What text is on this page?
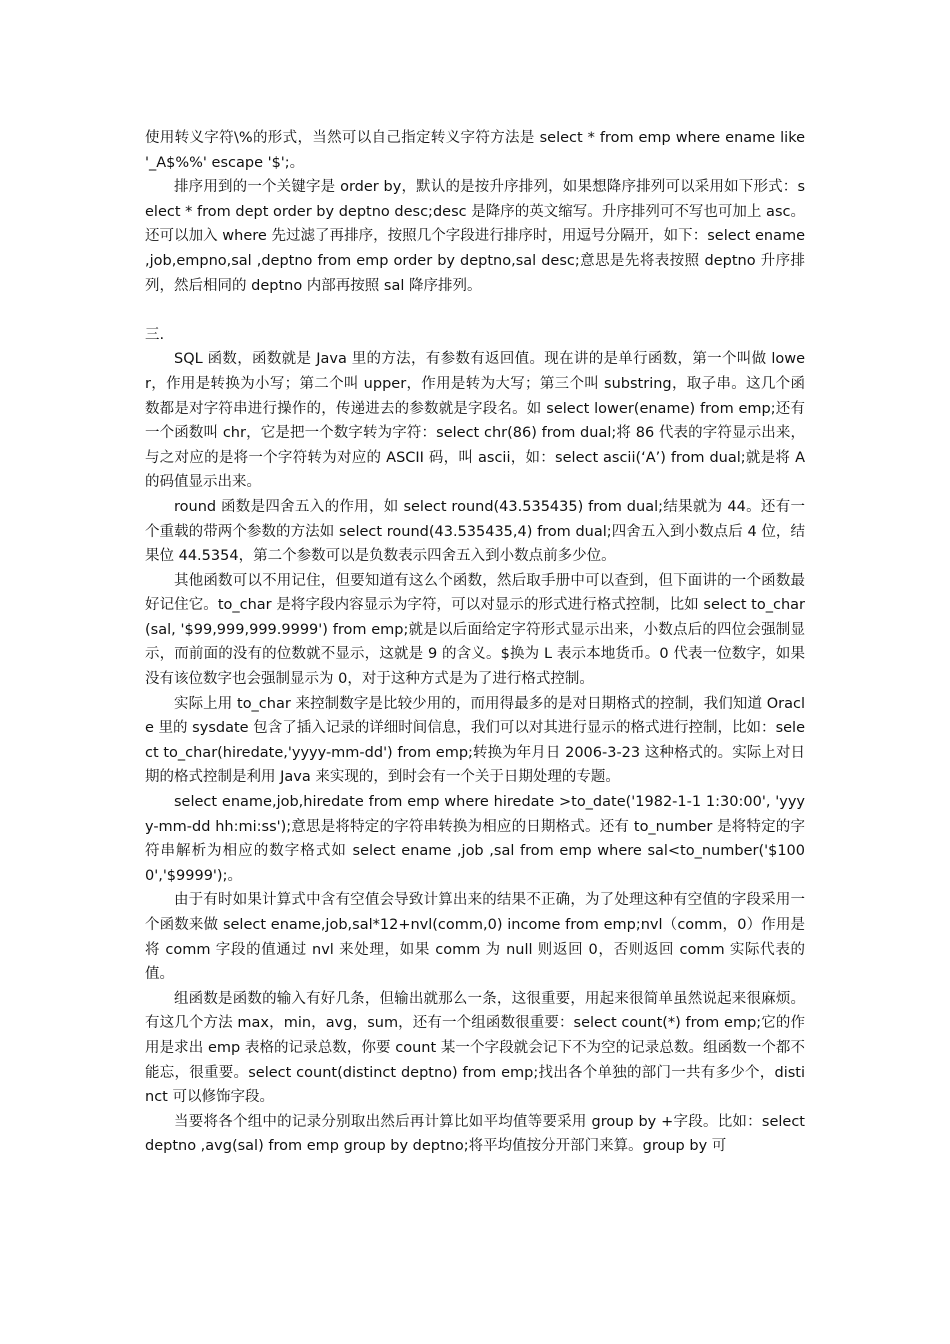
使用转义字符\%的形式，当然可以自己指定转义字符方法是 select * from emp where ename like '_A$%%' escape '$';。

排序用到的一个关键字是 order by，默认的是按升序排列，如果想降序排列可以采用如下形式：select * from dept order by deptno desc;desc 是降序的英文缩写。升序排列可不写也可加上 asc。还可以加入 where 先过滤了再排序，按照几个字段进行排序时，用逗号分隔开，如下：select ename ,job,empno,sal ,deptno from emp order by deptno,sal desc;意思是先将表按照 deptno 升序排列，然后相同的 deptno 内部再按照 sal 降序排列。

三.

SQL 函数，函数就是 Java 里的方法，有参数有返回值。现在讲的是单行函数，第一个叫做 lower，作用是转换为小写；第二个叫 upper，作用是转为大写；第三个叫 substring，取子串。这几个函数都是对字符串进行操作的，传递进去的参数就是字段名。如 select lower(ename) from emp;还有一个函数叫 chr，它是把一个数字转为字符：select chr(86) from dual;将 86 代表的字符显示出来，与之对应的是将一个字符转为对应的 ASCII 码，叫 ascii，如：select ascii(‘A’) from dual;就是将 A 的码值显示出来。

round 函数是四舍五入的作用，如 select round(43.535435) from dual;结果就为 44。还有一个重载的带两个参数的方法如 select round(43.535435,4) from dual;四舍五入到小数点后 4 位，结果位 44.5354，第二个参数可以是负数表示四舍五入到小数点前多少位。

其他函数可以不用记住，但要知道有这么个函数，然后取手册中可以查到，但下面讲的一个函数最好记住它。to_char 是将字段内容显示为字符，可以对显示的形式进行格式控制，比如 select to_char(sal, '$99,999,999.9999') from emp;就是以后面给定字符形式显示出来，小数点后的四位会强制显示，而前面的没有的位数就不显示，这就是 9 的含义。$换为 L 表示本地货币。0 代表一位数字，如果没有该位数字也会强制显示为 0，对于这种方式是为了进行格式控制。

实际上用 to_char 来控制数字是比较少用的，而用得最多的是对日期格式的控制，我们知道 Oracle 里的 sysdate 包含了插入记录的详细时间信息，我们可以对其进行显示的格式进行控制，比如：select to_char(hiredate,'yyyy-mm-dd') from emp;转换为年月日 2006-3-23 这种格式的。实际上对日期的格式控制是利用 Java 来实现的，到时会有一个关于日期处理的专题。

select ename,job,hiredate from emp where hiredate >to_date('1982-1-1 1:30:00', 'yyyy-mm-dd hh:mi:ss');意思是将特定的字符串转换为相应的日期格式。还有 to_number 是将特定的字符串解析为相应的数字格式如 select ename ,job ,sal from emp where sal<to_number('$1000','$9999');。

由于有时如果计算式中含有空值会导致计算出来的结果不正确，为了处理这种有空值的字段采用一个函数来做 select ename,job,sal*12+nvl(comm,0) income from emp;nvl（comm，0）作用是将 comm 字段的值通过 nvl 来处理，如果 comm 为 null 则返回 0，否则返回 comm 实际代表的值。

组函数是函数的输入有好几条，但输出就那么一条，这很重要，用起来很简单虽然说起来很麻烦。有这几个方法 max，min，avg，sum，还有一个组函数很重要：select count(*) from emp;它的作用是求出 emp 表格的记录总数，你要 count 某一个字段就会记下不为空的记录总数。组函数一个都不能忘，很重要。select count(distinct deptno) from emp;找出各个单独的部门一共有多少个，distinct 可以修饰字段。

当要将各个组中的记录分别取出然后再计算比如平均值等要采用 group by +字段。比如：select deptno ,avg(sal) from emp group by deptno;将平均值按分开部门来算。group by 可
